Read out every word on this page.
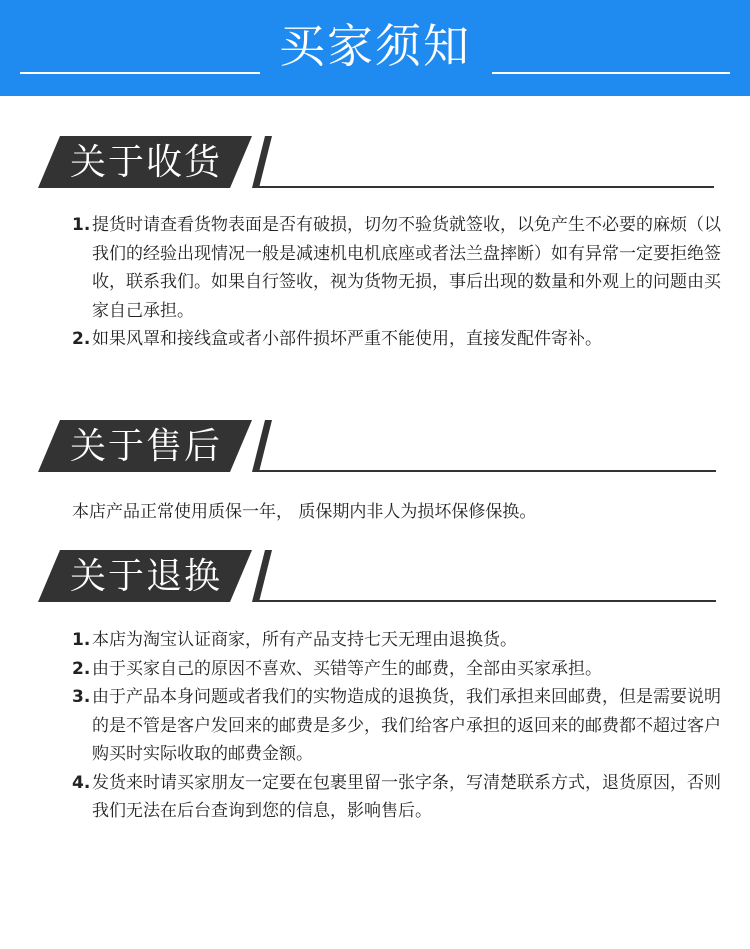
买家须知
关于收货
1. 提货时请查看货物表面是否有破损，切勿不验货就签收，以免产生不必要的麻烦（以我们的经验出现情况一般是减速机电机底座或者法兰盘摔断）如有异常一定要拒绝签收，联系我们。如果自行签收，视为货物无损，事后出现的数量和外观上的问题由买家自己承担。
2. 如果风罩和接线盒或者小部件损坏严重不能使用，直接发配件寄补。
关于售后
本店产品正常使用质保一年， 质保期内非人为损坏保修保换。
关于退换
1. 本店为淘宝认证商家，所有产品支持七天无理由退换货。
2. 由于买家自己的原因不喜欢、买错等产生的邮费，全部由买家承担。
3. 由于产品本身问题或者我们的实物造成的退换货，我们承担来回邮费，但是需要说明的是不管是客户发回来的邮费是多少，我们给客户承担的返回来的邮费都不超过客户购买时实际收取的邮费金额。
4. 发货来时请买家朋友一定要在包裹里留一张字条，写清楚联系方式，退货原因，否则我们无法在后台查询到您的信息，影响售后。
